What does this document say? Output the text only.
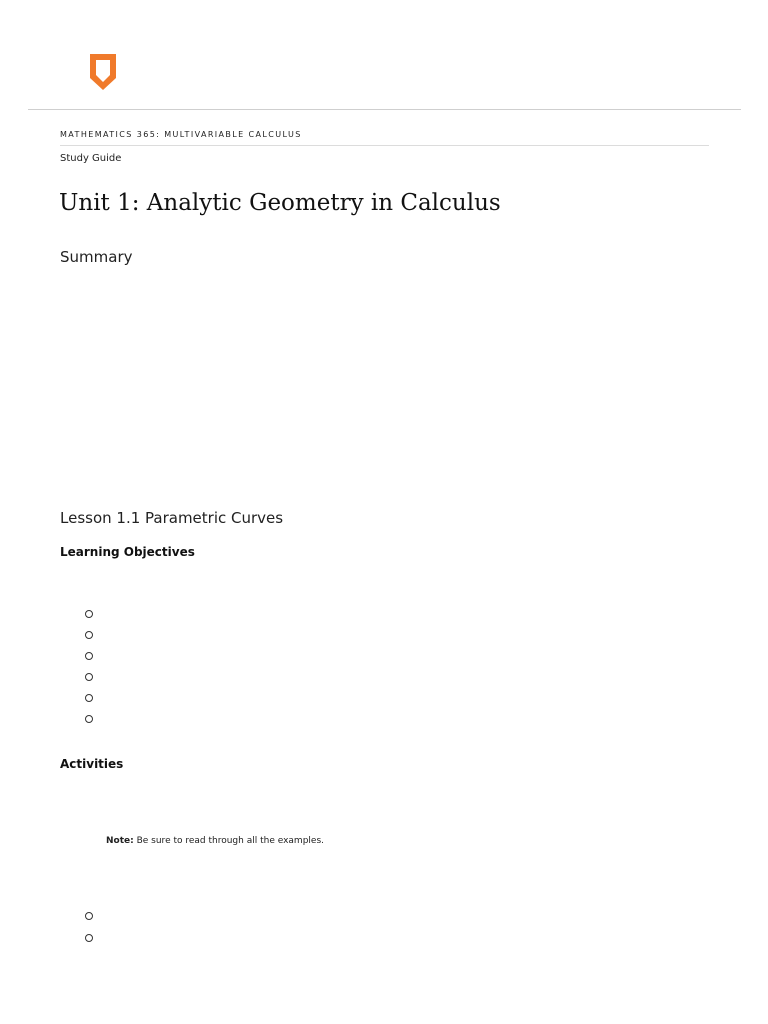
MATHEMATICS 365: MULTIVARIABLE CALCULUS
Study Guide
Unit 1: Analytic Geometry in Calculus
Summary
Lesson 1.1 Parametric Curves
Learning Objectives
Activities
Note: Be sure to read through all the examples.
